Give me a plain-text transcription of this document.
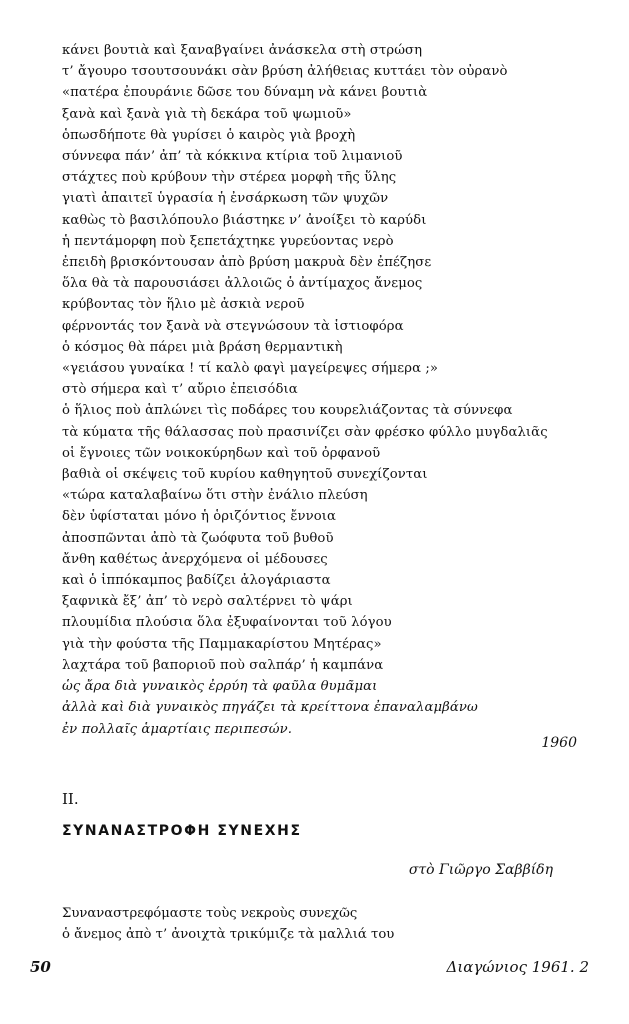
κάνει βουτιὰ καὶ ξαναβγαίνει ἀνάσκελα στὴ στρώση
τ’ ἄγουρο τσουτσουνάκι σὰν βρύση ἀλήθειας κυττάει τὸν οὐρανὸ
«πατέρα ἐπουράνιε δῶσε του δύναμη νὰ κάνει βουτιὰ
ξανὰ καὶ ξανὰ γιὰ τὴ δεκάρα τοῦ ψωμιοῦ»
ὁπωσδήποτε θὰ γυρίσει ὁ καιρὸς γιὰ βροχὴ
σύννεφα πάν’ ἀπ’ τὰ κόκκινα κτίρια τοῦ λιμανιοῦ
στάχτες ποὺ κρύβουν τὴν στέρεα μορφὴ τῆς ὕλης
γιατὶ ἀπαιτεῖ ὑγρασία ἡ ἐνσάρκωση τῶν ψυχῶν
καθὼς τὸ βασιλόπουλο βιάστηκε ν’ ἀνοίξει τὸ καρύδι
ἡ πεντάμορφη ποὺ ξεπετάχτηκε γυρεύοντας νερὸ
ἐπειδὴ βρισκόντουσαν ἀπὸ βρύση μακρυὰ δὲν ἐπέζησε
ὅλα θὰ τὰ παρουσιάσει ἀλλοιῶς ὁ ἀντίμαχος ἄνεμος
κρύβοντας τὸν ἥλιο μὲ ἀσκιὰ νεροῦ
φέρνοντάς τον ξανὰ νὰ στεγνώσουν τὰ ἱστιοφόρα
ὁ κόσμος θὰ πάρει μιὰ βράση θερμαντικὴ
«γειάσου γυναίκα ! τί καλὸ φαγὶ μαγείρεψες σήμερα ;»
στὸ σήμερα καὶ τ’ αὔριο ἐπεισόδια
ὁ ἥλιος ποὺ ἁπλώνει τὶς ποδάρες του κουρελιάζοντας τὰ σύννεφα
τὰ κύματα τῆς θάλασσας ποὺ πρασινίζει σὰν φρέσκο φύλλο μυγδαλιᾶς
οἱ ἔγνοιες τῶν νοικοκύρηδων καὶ τοῦ ὀρφανοῦ
βαθιὰ οἱ σκέψεις τοῦ κυρίου καθηγητοῦ συνεχίζονται
«τώρα καταλαβαίνω ὅτι στὴν ἐνάλιο πλεύση
δὲν ὑφίσταται μόνο ἡ ὁριζόντιος ἔννοια
ἀποσπῶνται ἀπὸ τὰ ζωόφυτα τοῦ βυθοῦ
ἄνθη καθέτως ἀνερχόμενα οἱ μέδουσες
καὶ ὁ ἱππόκαμπος βαδίζει ἀλογάριαστα
ξαφνικὰ ἔξ’ ἀπ’ τὸ νερὸ σαλτέρνει τὸ ψάρι
πλουμίδια πλούσια ὅλα ἐξυφαίνονται τοῦ λόγου
γιὰ τὴν φούστα τῆς Παμμακαρίστου Μητέρας»
λαχτάρα τοῦ βαποριοῦ ποὺ σαλπάρ’ ἡ καμπάνα
ὡς ἄρα διὰ γυναικὸς ἐρρύη τὰ φαῦλα θυμᾶμαι
ἀλλὰ καὶ διὰ γυναικὸς πηγάζει τὰ κρείττονα ἐπαναλαμβάνω
ἐν πολλαῖς ἁμαρτίαις περιπεσών.
1960
II.
ΣΥΝΑΝΑΣΤΡΟΦΗ ΣΥΝΕΧΗΣ
στὸ Γιῶργο Σαββίδη
Συναναστρεφόμαστε τοὺς νεκροὺς συνεχῶς
ὁ ἄνεμος ἀπὸ τ’ ἀνοιχτὰ τρικύμιζε τὰ μαλλιά του
50	Διαγώνιος 1961. 2
